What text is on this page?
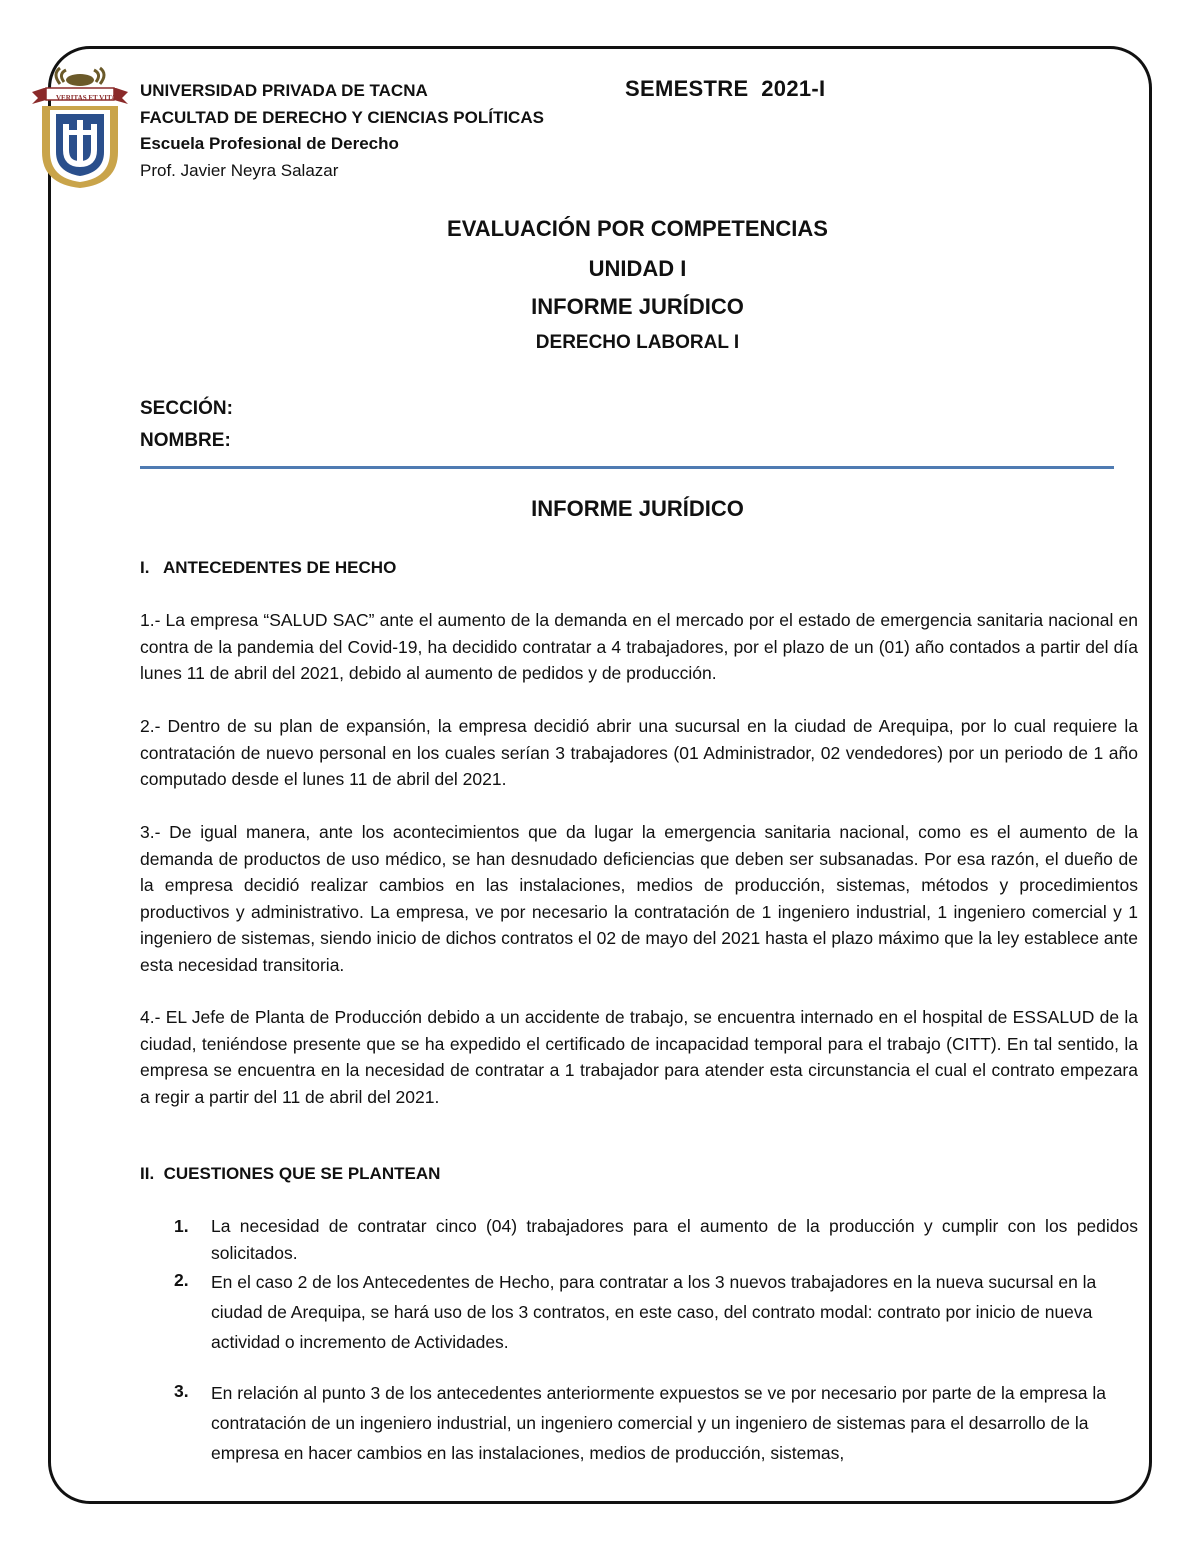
VERITAS ET VITA UNIVERSIDAD PRIVADA DE TACNA
FACULTAD DE DERECHO Y CIENCIAS POLÍTICAS
Escuela Profesional de Derecho
Prof. Javier Neyra Salazar
SEMESTRE  2021-I
EVALUACIÓN POR COMPETENCIAS
UNIDAD I
INFORME JURÍDICO
DERECHO LABORAL I
SECCIÓN:
NOMBRE:
INFORME JURÍDICO
I.   ANTECEDENTES DE HECHO
1.- La empresa “SALUD SAC” ante el aumento de la demanda en el mercado por el estado de emergencia sanitaria nacional en contra de la pandemia del Covid-19, ha decidido contratar a 4 trabajadores, por el plazo de un (01) año contados a partir del día lunes 11 de abril del 2021, debido al aumento de pedidos y de producción.
2.- Dentro de su plan de expansión, la empresa decidió abrir una sucursal en la ciudad de Arequipa, por lo cual requiere la contratación de nuevo personal en los cuales serían 3 trabajadores (01 Administrador, 02 vendedores) por un periodo de 1 año computado desde el lunes 11 de abril del 2021.
3.- De igual manera, ante los acontecimientos que da lugar la emergencia sanitaria nacional, como es el aumento de la demanda de productos de uso médico, se han desnudado deficiencias que deben ser subsanadas. Por esa razón, el dueño de la empresa decidió realizar cambios en las instalaciones, medios de producción, sistemas, métodos y procedimientos productivos y administrativo. La empresa, ve por necesario la contratación de 1 ingeniero industrial, 1 ingeniero comercial y 1 ingeniero de sistemas, siendo inicio de dichos contratos el 02 de mayo del 2021 hasta el plazo máximo que la ley establece ante esta necesidad transitoria.
4.- EL Jefe de Planta de Producción debido a un accidente de trabajo, se encuentra internado en el hospital de ESSALUD de la ciudad, teniéndose presente que se ha expedido el certificado de incapacidad temporal para el trabajo (CITT). En tal sentido, la empresa se encuentra en la necesidad de contratar a 1 trabajador para atender esta circunstancia el cual el contrato empezara a regir a partir del 11 de abril del 2021.
II.  CUESTIONES QUE SE PLANTEAN
1. La necesidad de contratar cinco (04) trabajadores para el aumento de la producción y cumplir con los pedidos solicitados.
2. En el caso 2 de los Antecedentes de Hecho, para contratar a los 3 nuevos trabajadores en la nueva sucursal en la ciudad de Arequipa, se hará uso de los 3 contratos, en este caso, del contrato modal: contrato por inicio de nueva actividad o incremento de Actividades.
3. En relación al punto 3 de los antecedentes anteriormente expuestos se ve por necesario por parte de la empresa la contratación de un ingeniero industrial, un ingeniero comercial y un ingeniero de sistemas para el desarrollo de la empresa en hacer cambios en las instalaciones, medios de producción, sistemas,
